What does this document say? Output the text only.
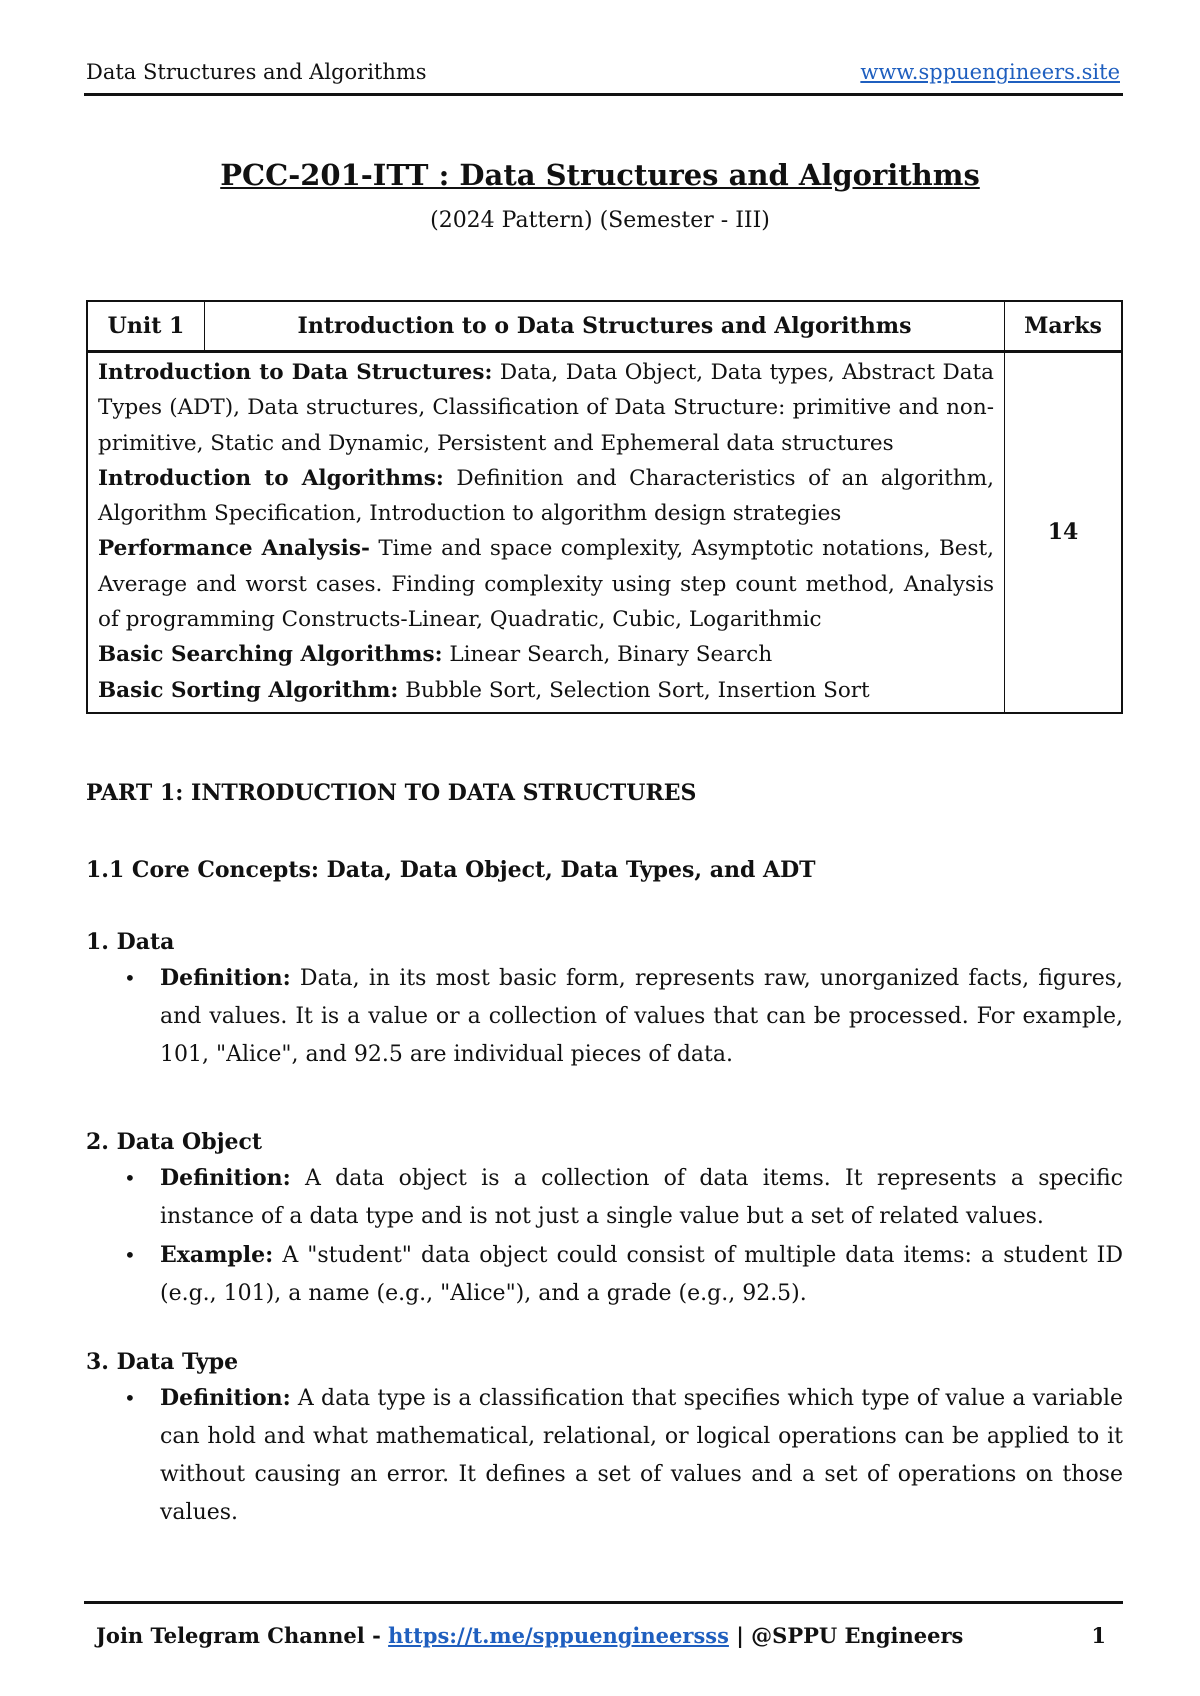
Data Structures and Algorithms	www.sppuengineers.site
PCC-201-ITT : Data Structures and Algorithms
(2024 Pattern) (Semester - III)
Unit 1	Introduction to o Data Structures and Algorithms	Marks

Introduction to Data Structures: Data, Data Object, Data types, Abstract Data Types (ADT), Data structures, Classification of Data Structure: primitive and non-primitive, Static and Dynamic, Persistent and Ephemeral data structures
Introduction to Algorithms: Definition and Characteristics of an algorithm, Algorithm Specification, Introduction to algorithm design strategies
Performance Analysis- Time and space complexity, Asymptotic notations, Best, Average and worst cases. Finding complexity using step count method, Analysis of programming Constructs-Linear, Quadratic, Cubic, Logarithmic
Basic Searching Algorithms: Linear Search, Binary Search
Basic Sorting Algorithm: Bubble Sort, Selection Sort, Insertion Sort		14
PART 1: INTRODUCTION TO DATA STRUCTURES
1.1 Core Concepts: Data, Data Object, Data Types, and ADT
1. Data
• Definition: Data, in its most basic form, represents raw, unorganized facts, figures, and values. It is a value or a collection of values that can be processed. For example, 101, "Alice", and 92.5 are individual pieces of data.
2. Data Object
• Definition: A data object is a collection of data items. It represents a specific instance of a data type and is not just a single value but a set of related values.
• Example: A "student" data object could consist of multiple data items: a student ID (e.g., 101), a name (e.g., "Alice"), and a grade (e.g., 92.5).
3. Data Type
• Definition: A data type is a classification that specifies which type of value a variable can hold and what mathematical, relational, or logical operations can be applied to it without causing an error. It defines a set of values and a set of operations on those values.
Join Telegram Channel - https://t.me/sppuengineersss | @SPPU Engineers	1
